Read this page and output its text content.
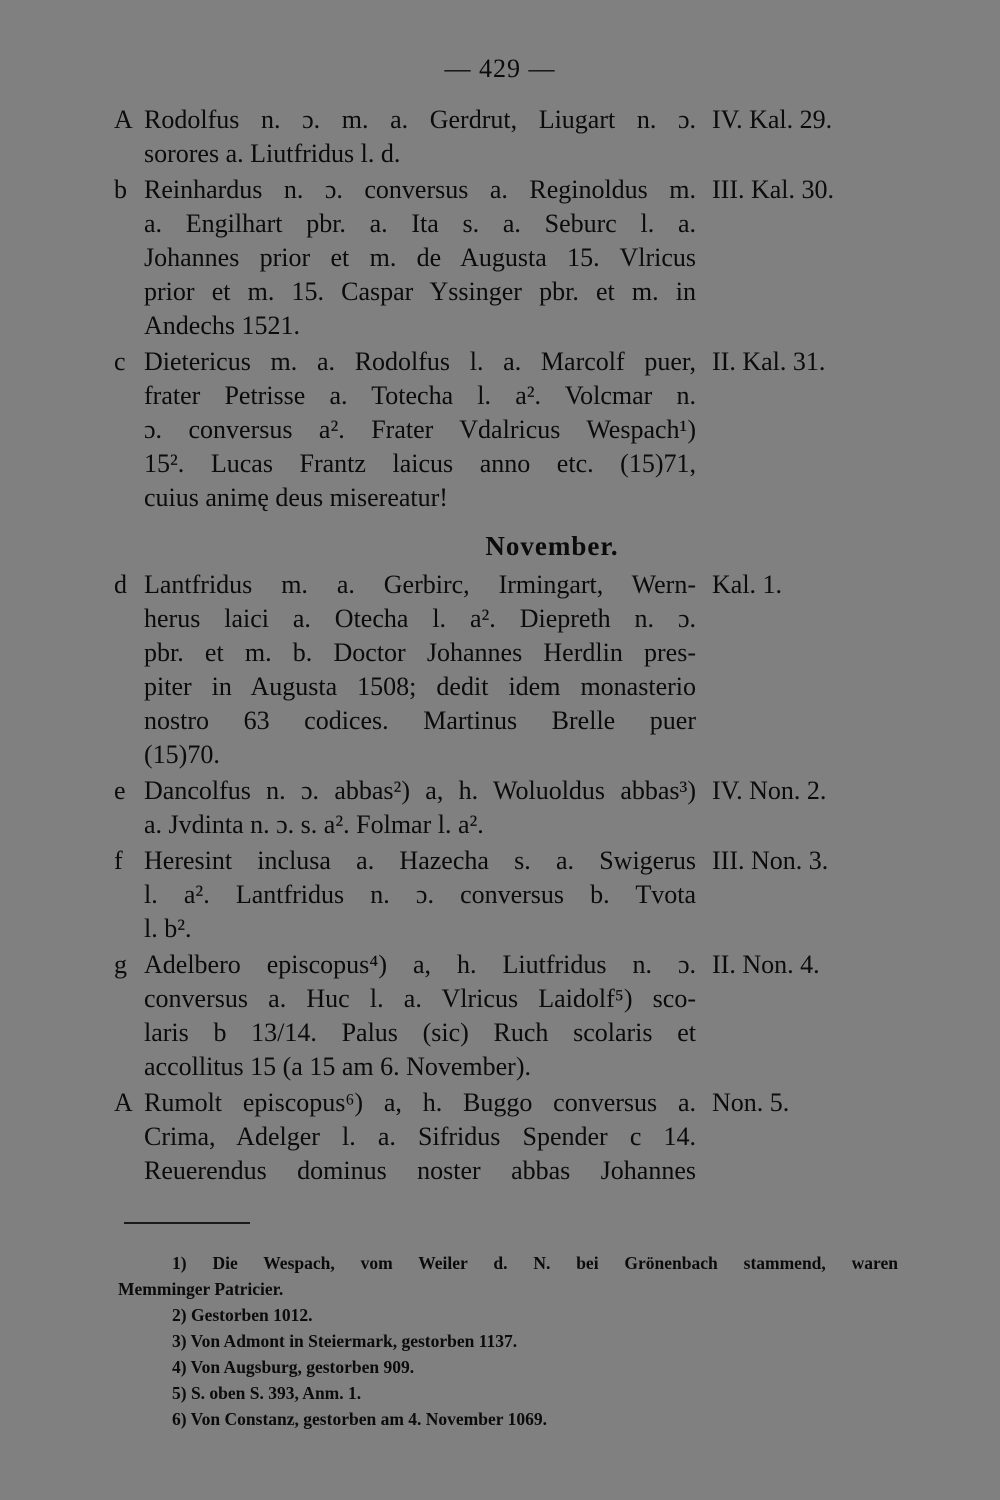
— 429 —
A Rodolfus n. ɔ. m. a. Gerdrut, Liugart n. ɔ.
sorores a. Liutfridus l. d.
IV. Kal. 29.
b Reinhardus n. ɔ. conversus a. Reginoldus m.
a. Engilhart pbr. a. Ita s. a. Seburc l. a.
Johannes prior et m. de Augusta 15. Vlricus
prior et m. 15. Caspar Yssinger pbr. et m. in
Andechs 1521.
III. Kal. 30.
c Dietericus m. a. Rodolfus l. a. Marcolf puer,
frater Petrisse a. Totecha l. a². Volcmar n.
ɔ. conversus a². Frater Vdalricus Wespach¹)
15². Lucas Frantz laicus anno etc. (15)71,
cuius animę deus misereatur!
II. Kal. 31.
November.
d Lantfridus m. a. Gerbirc, Irmingart, Wern-
herus laici a. Otecha l. a². Diepreth n. ɔ.
pbr. et m. b. Doctor Johannes Herdlin pres-
piter in Augusta 1508; dedit idem monasterio
nostro 63 codices. Martinus Brelle puer
(15)70.
Kal. 1.
e Dancolfus n. ɔ. abbas²) a, h. Woluoldus abbas³)
a. Jvdinta n. ɔ. s. a². Folmar l. a².
IV. Non. 2.
f Heresint inclusa a. Hazecha s. a. Swigerus
l. a². Lantfridus n. ɔ. conversus b. Tvota
l. b².
III. Non. 3.
g Adelbero episcopus⁴) a, h. Liutfridus n. ɔ.
conversus a. Huc l. a. Vlricus Laidolf⁵) sco-
laris b 13/14. Palus (sic) Ruch scolaris et
accollitus 15 (a 15 am 6. November).
II. Non. 4.
A Rumolt episcopus⁶) a, h. Buggo conversus a.
Crima, Adelger l. a. Sifridus Spender c 14.
Reuerendus dominus noster abbas Johannes
Non. 5.
1) Die Wespach, vom Weiler d. N. bei Grönenbach stammend, waren
Memminger Patricier.
2) Gestorben 1012.
3) Von Admont in Steiermark, gestorben 1137.
4) Von Augsburg, gestorben 909.
5) S. oben S. 393, Anm. 1.
6) Von Constanz, gestorben am 4. November 1069.
